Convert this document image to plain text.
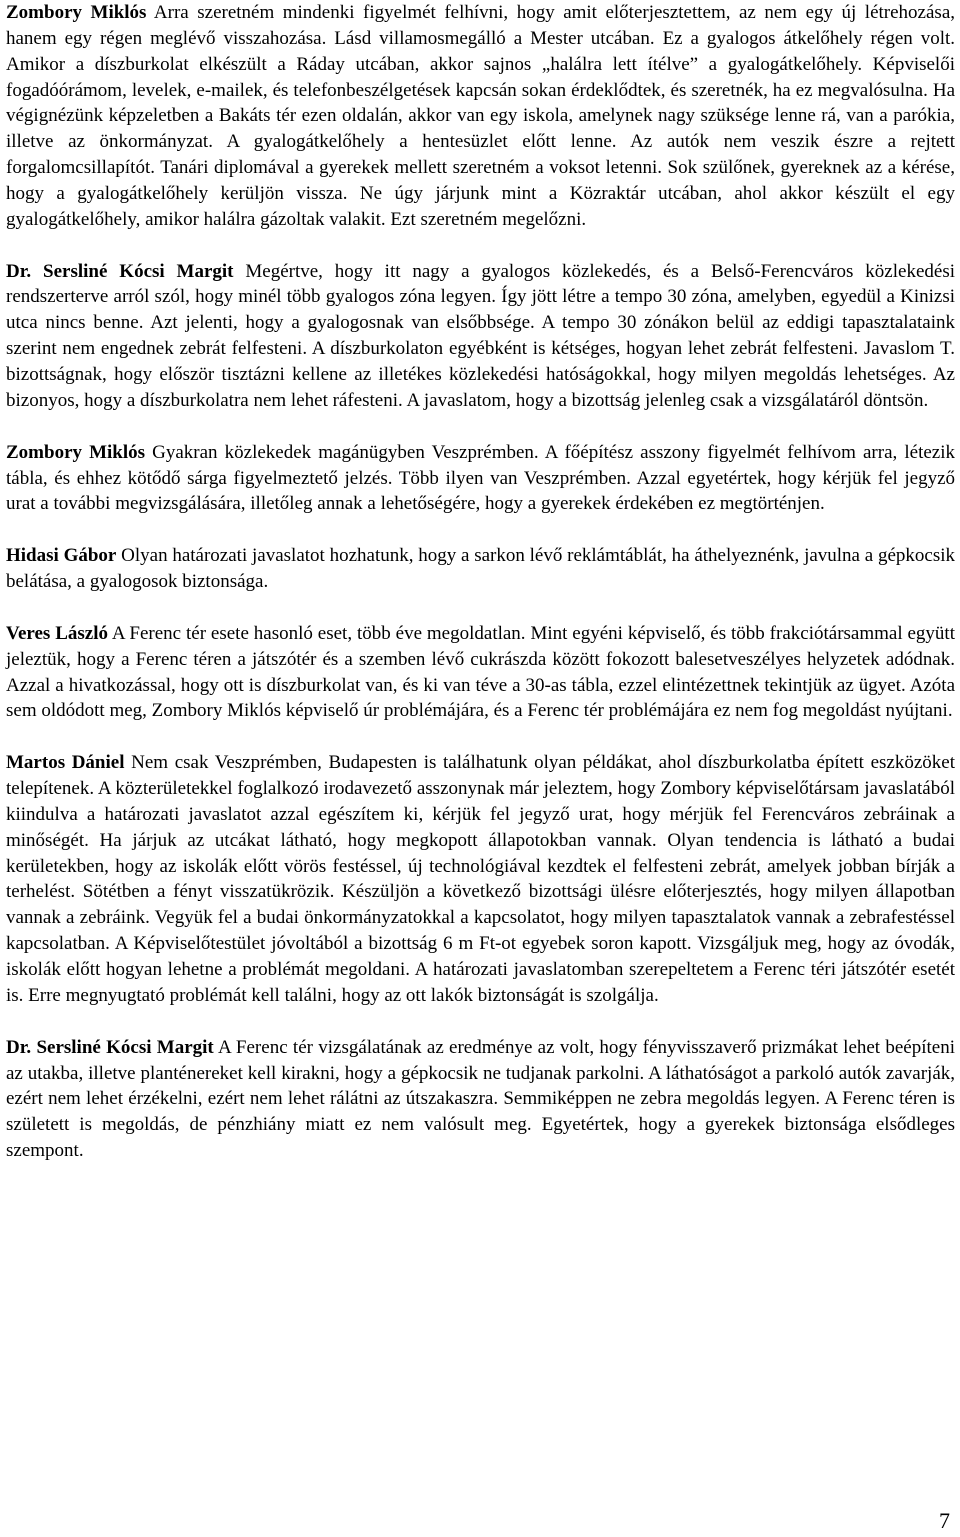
Zombory Miklós Arra szeretném mindenki figyelmét felhívni, hogy amit előterjesztettem, az nem egy új létrehozása, hanem egy régen meglévő visszahozása. Lásd villamosmegálló a Mester utcában. Ez a gyalogos átkelőhely régen volt. Amikor a díszburkolat elkészült a Ráday utcában, akkor sajnos „halálra lett ítélve” a gyalogátkelőhely. Képviselői fogadóórámom, levelek, e-mailek, és telefonbeszélgetések kapcsán sokan érdeklődtek, és szeretnék, ha ez megvalósulna. Ha végignézünk képzeletben a Bakáts tér ezen oldalán, akkor van egy iskola, amelynek nagy szüksége lenne rá, van a parókia, illetve az önkormányzat. A gyalogátkelőhely a hentesüzlet előtt lenne. Az autók nem veszik észre a rejtett forgalomcsillapítót. Tanári diplomával a gyerekek mellett szeretném a voksot letenni. Sok szülőnek, gyereknek az a kérése, hogy a gyalogátkelőhely kerüljön vissza. Ne úgy járjunk mint a Közraktár utcában, ahol akkor készült el egy gyalogátkelőhely, amikor halálra gázoltak valakit. Ezt szeretném megelőzni.

Dr. Sersliné Kócsi Margit Megértve, hogy itt nagy a gyalogos közlekedés, és a Belső-Ferencváros közlekedési rendszerterve arról szól, hogy minél több gyalogos zóna legyen. Így jött létre a tempo 30 zóna, amelyben, egyedül a Kinizsi utca nincs benne. Azt jelenti, hogy a gyalogosnak van elsőbbsége. A tempo 30 zónákon belül az eddigi tapasztalataink szerint nem engednek zebrát felfesteni. A díszburkolaton egyébként is kétséges, hogyan lehet zebrát felfesteni. Javaslom T. bizottságnak, hogy először tisztázni kellene az illetékes közlekedési hatóságokkal, hogy milyen megoldás lehetséges. Az bizonyos, hogy a díszburkolatra nem lehet ráfesteni. A javaslatom, hogy a bizottság jelenleg csak a vizsgálatáról döntsön.

Zombory Miklós Gyakran közlekedek magánügyben Veszprémben. A főépítész asszony figyelmét felhívom arra, létezik tábla, és ehhez kötődő sárga figyelmeztető jelzés. Több ilyen van Veszprémben. Azzal egyetértek, hogy kérjük fel jegyző urat a további megvizsgálására, illetőleg annak a lehetőségére, hogy a gyerekek érdekében ez megtörténjen.

Hidasi Gábor Olyan határozati javaslatot hozhatunk, hogy a sarkon lévő reklámtáblát, ha áthelyeznénk, javulna a gépkocsik belátása, a gyalogosok biztonsága.

Veres László A Ferenc tér esete hasonló eset, több éve megoldatlan. Mint egyéni képviselő, és több frakciótársammal együtt jeleztük, hogy a Ferenc téren a játszótér és a szemben lévő cukrászda között fokozott balesetveszélyes helyzetek adódnak. Azzal a hivatkozással, hogy ott is díszburkolat van, és ki van téve a 30-as tábla, ezzel elintézettnek tekintjük az ügyet. Azóta sem oldódott meg, Zombory Miklós képviselő úr problémájára, és a Ferenc tér problémájára ez nem fog megoldást nyújtani.

Martos Dániel Nem csak Veszprémben, Budapesten is találhatunk olyan példákat, ahol díszburkolatba épített eszközöket telepítenek. A közterületekkel foglalkozó irodavezető asszonynak már jeleztem, hogy Zombory képviselőtársam javaslatából kiindulva a határozati javaslatot azzal egészítem ki, kérjük fel jegyző urat, hogy mérjük fel Ferencváros zebráinak a minőségét. Ha járjuk az utcákat látható, hogy megkopott állapotokban vannak. Olyan tendencia is látható a budai kerületekben, hogy az iskolák előtt vörös festéssel, új technológiával kezdtek el felfesteni zebrát, amelyek jobban bírják a terhelést. Sötétben a fényt visszatükrözik. Készüljön a következő bizottsági ülésre előterjesztés, hogy milyen állapotban vannak a zebráink. Vegyük fel a budai önkormányzatokkal a kapcsolatot, hogy milyen tapasztalatok vannak a zebrafestéssel kapcsolatban. A Képviselőtestület jóvoltából a bizottság 6 m Ft-ot egyebek soron kapott. Vizsgáljuk meg, hogy az óvodák, iskolák előtt hogyan lehetne a problémát megoldani. A határozati javaslatomban szerepeltetem a Ferenc téri játszótér esetét is. Erre megnyugtató problémát kell találni, hogy az ott lakók biztonságát is szolgálja.

Dr. Sersliné Kócsi Margit A Ferenc tér vizsgálatának az eredménye az volt, hogy fényvisszaverő prizmákat lehet beépíteni az utakba, illetve planténereket kell kirakni, hogy a gépkocsik ne tudjanak parkolni. A láthatóságot a parkoló autók zavarják, ezért nem lehet érzékelni, ezért nem lehet rálátni az útszakaszra. Semmiképpen ne zebra megoldás legyen. A Ferenc téren is született is megoldás, de pénzhiány miatt ez nem valósult meg. Egyetértek, hogy a gyerekek biztonsága elsődleges szempont.

7
